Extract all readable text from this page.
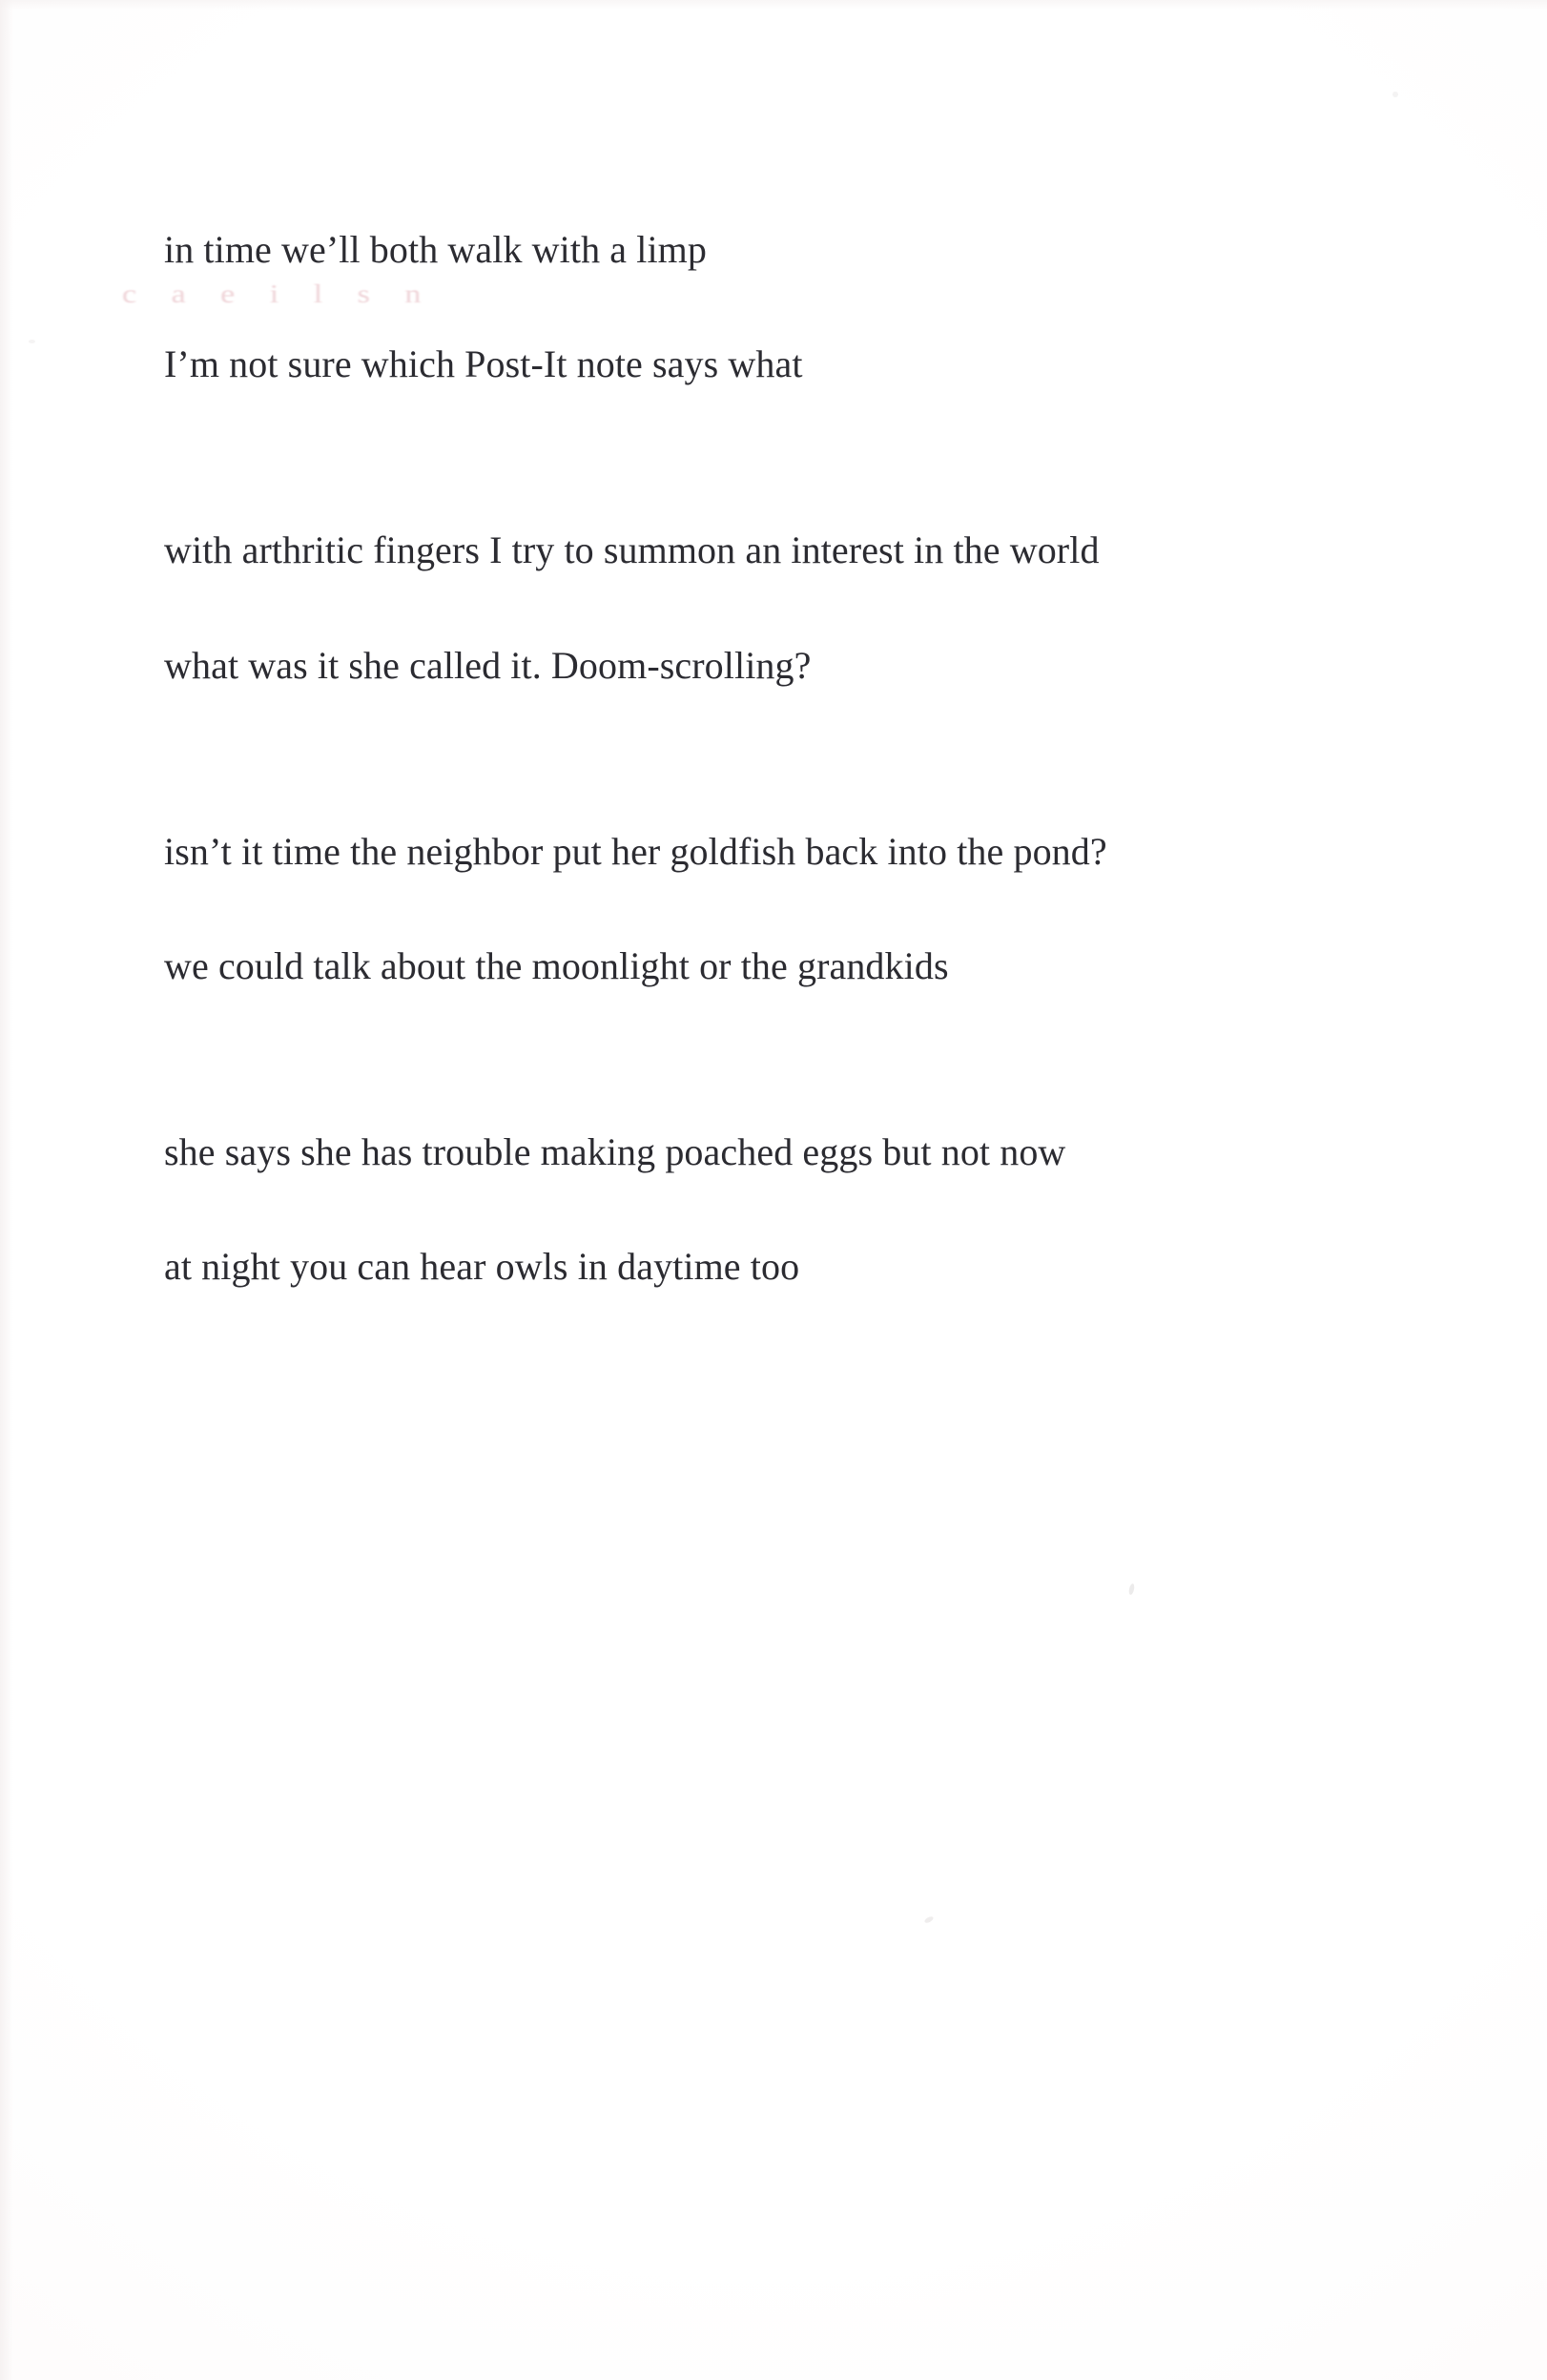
c a e i l s n
in time we’ll both walk with a limp
I’m not sure which Post-It note says what
with arthritic fingers I try to summon an interest in the world
what was it she called it. Doom-scrolling?
isn’t it time the neighbor put her goldfish back into the pond?
we could talk about the moonlight or the grandkids
she says she has trouble making poached eggs but not now
at night you can hear owls in daytime too
